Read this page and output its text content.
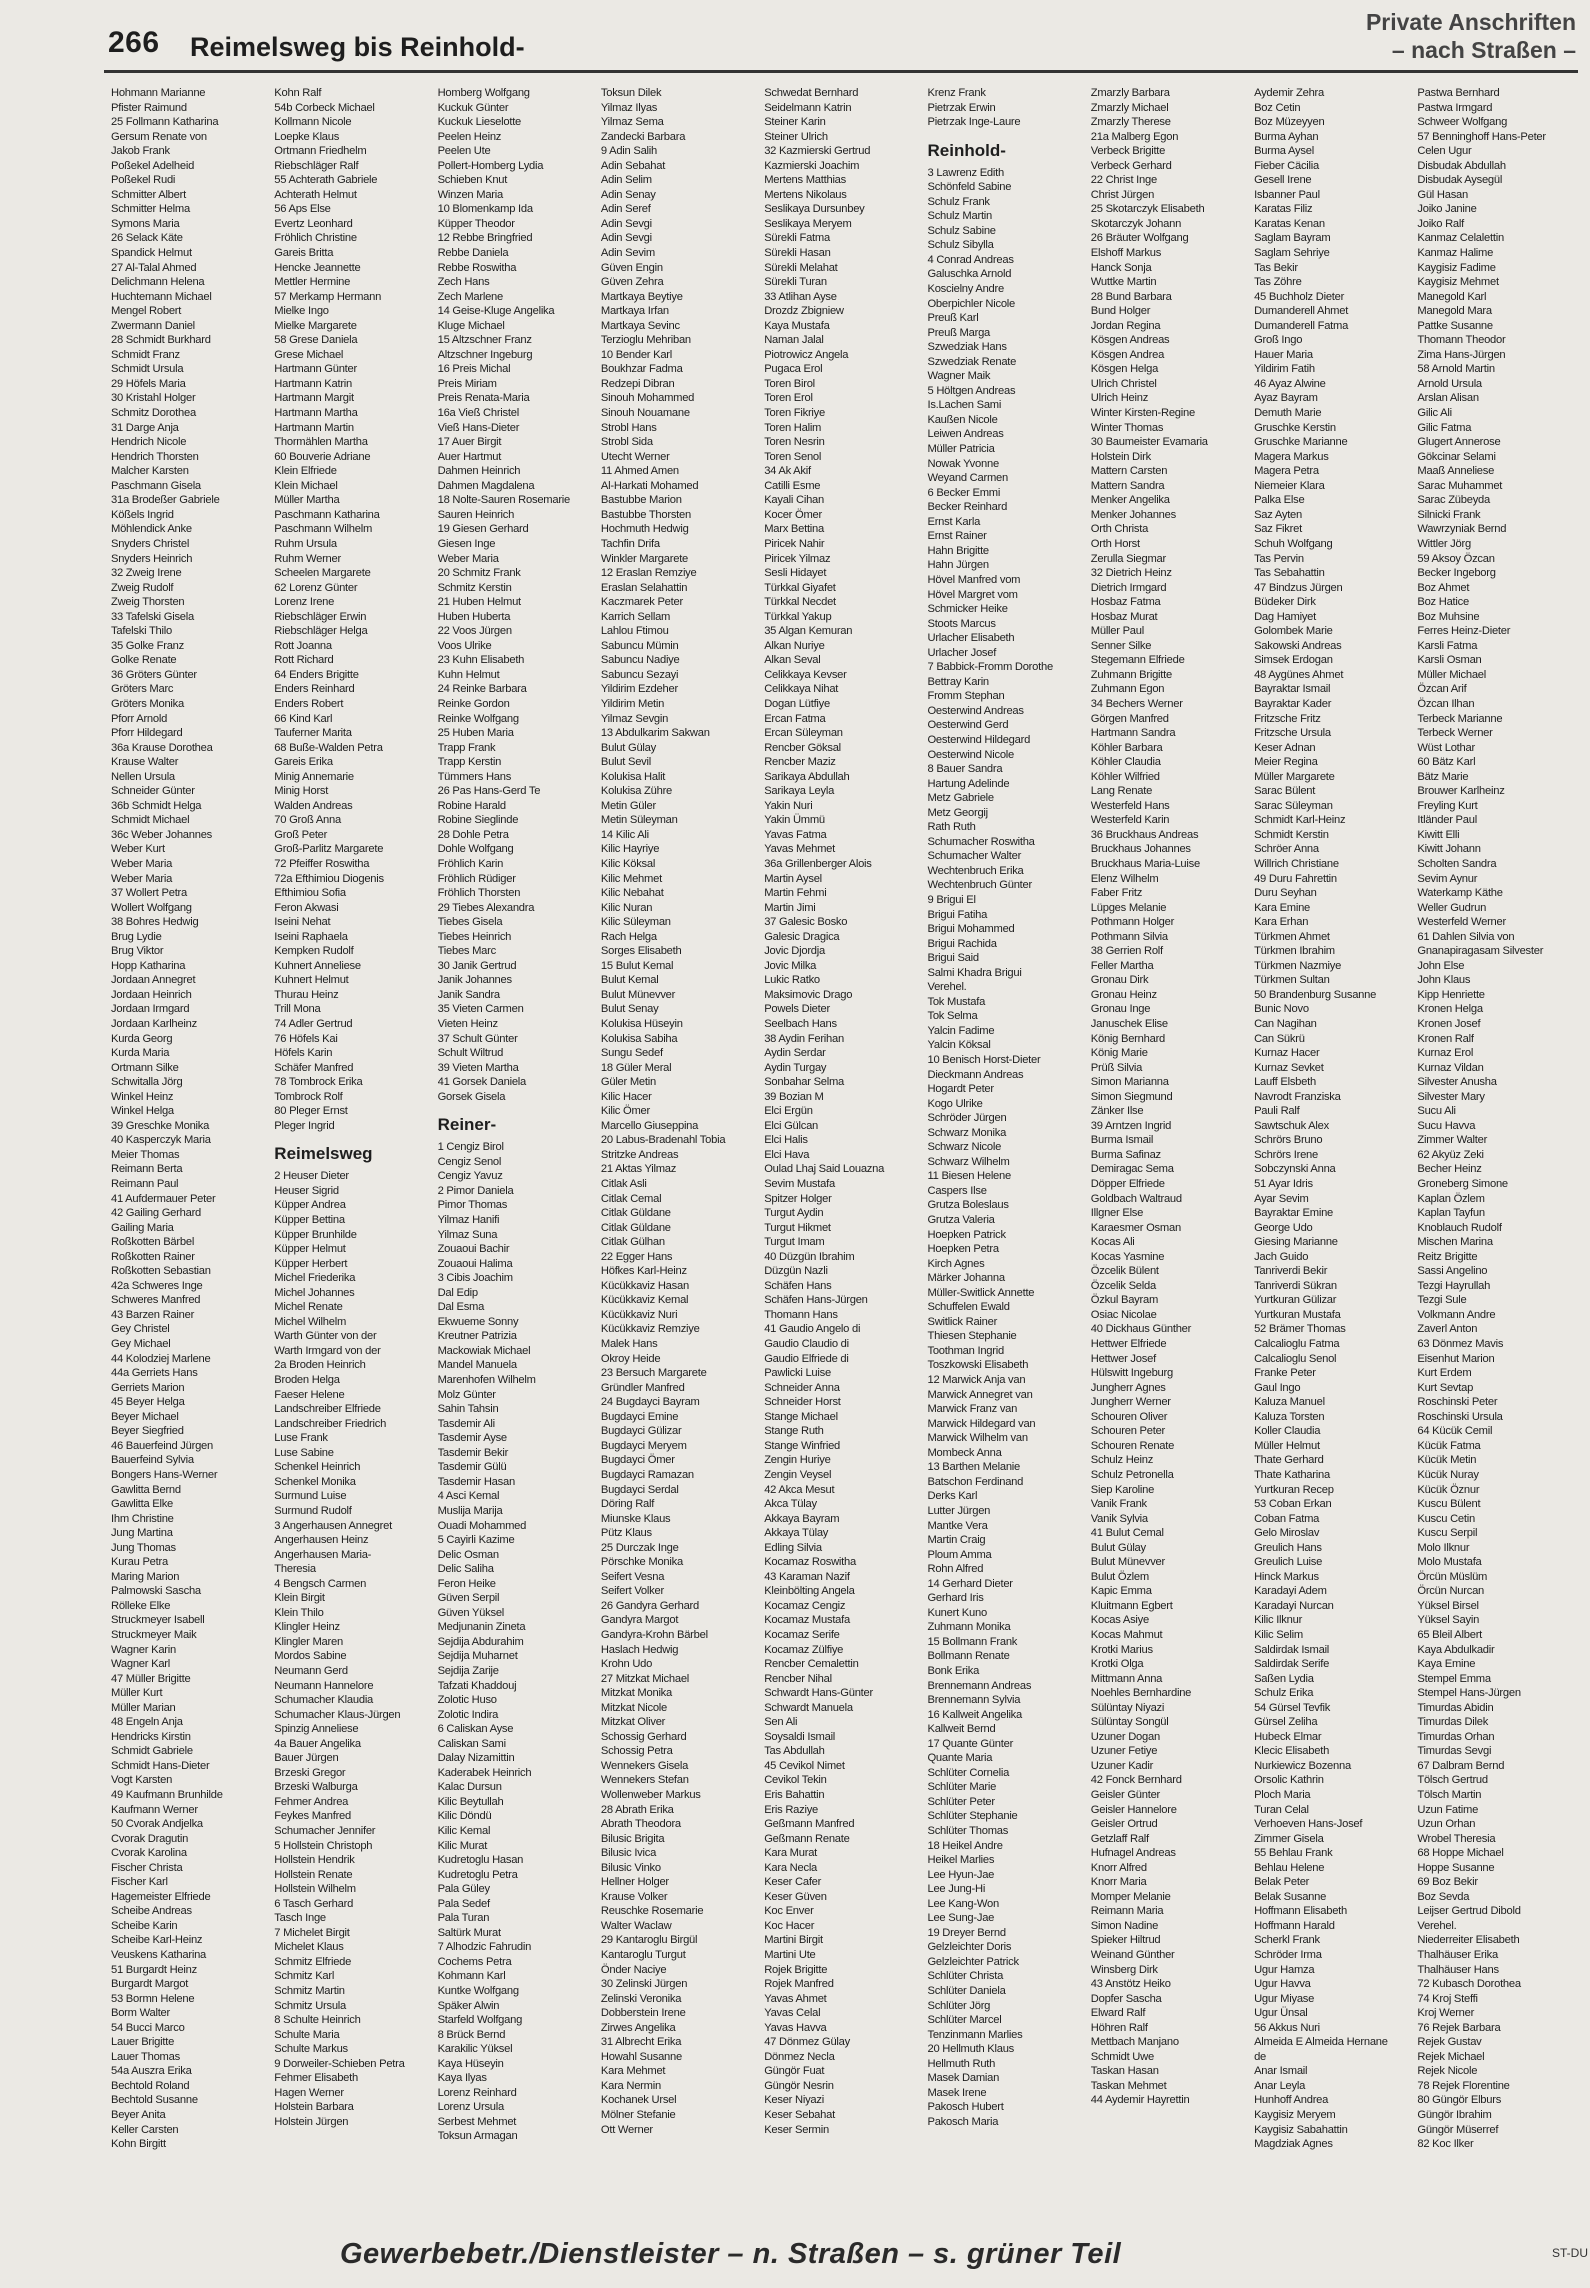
266 Reimelsweg bis Reinhold-
Private Anschriften
– nach Straßen –
Hohmann Marianne
Pfister Raimund
25 Follmann Katharina
Gersum Renate von
Jakob Frank
Poßekel Adelheid
Poßekel Rudi
Schmitter Albert
Schmitter Helma
Symons Maria
26 Selack Käte
Spandick Helmut
27 Al-Talal Ahmed
Delichmann Helena
Huchtemann Michael
Mengel Robert
Zwermann Daniel
28 Schmidt Burkhard
Schmidt Franz
Schmidt Ursula
29 Höfels Maria
30 Kristahl Holger
Schmitz Dorothea
31 Darge Anja
Hendrich Nicole
Hendrich Thorsten
Malcher Karsten
Paschmann Gisela
31a Brodeßer Gabriele
Kößels Ingrid
Möhlendick Anke
Snyders Christel
Snyders Heinrich
32 Zweig Irene
Zweig Rudolf
Zweig Thorsten
33 Tafelski Gisela
Tafelski Thilo
35 Golke Franz
Golke Renate
36 Gröters Günter
Gröters Marc
Gröters Monika
Pforr Arnold
Pforr Hildegard
36a Krause Dorothea
Krause Walter
Nellen Ursula
Schneider Günter
36b Schmidt Helga
Schmidt Michael
36c Weber Johannes
Weber Kurt
Weber Maria
Weber Maria
37 Wollert Petra
Wollert Wolfgang
38 Bohres Hedwig
Brug Lydie
Brug Viktor
Hopp Katharina
Jordaan Annegret
Jordaan Heinrich
Jordaan Irmgard
Jordaan Karlheinz
Kurda Georg
Kurda Maria
Ortmann Silke
Schwitalla Jörg
Winkel Heinz
Winkel Helga
39 Greschke Monika
40 Kasperczyk Maria
Meier Thomas
Reimann Berta
Reimann Paul
41 Aufdermauer Peter
42 Gailing Gerhard
Gailing Maria
Roßkotten Bärbel
Roßkotten Rainer
Roßkotten Sebastian
42a Schweres Inge
Schweres Manfred
43 Barzen Rainer
Gey Christel
Gey Michael
44 Kolodziej Marlene
44a Gerriets Hans
Gerriets Marion
45 Beyer Helga
Beyer Michael
Beyer Siegfried
46 Bauerfeind Jürgen
Bauerfeind Sylvia
Bongers Hans-Werner
Gawlitta Bernd
Gawlitta Elke
Ihm Christine
Jung Martina
Jung Thomas
Kurau Petra
Maring Marion
Palmowski Sascha
Rölleke Elke
Struckmeyer Isabell
Struckmeyer Maik
Wagner Karin
Wagner Karl
47 Müller Brigitte
Müller Kurt
Müller Marian
48 Engeln Anja
Hendricks Kirstin
Schmidt Gabriele
Schmidt Hans-Dieter
Vogt Karsten
49 Kaufmann Brunhilde
Kaufmann Werner
50 Cvorak Andjelka
Cvorak Dragutin
Cvorak Karolina
Fischer Christa
Fischer Karl
Hagemeister Elfriede
Scheibe Andreas
Scheibe Karin
Scheibe Karl-Heinz
Veuskens Katharina
51 Burgardt Heinz
Burgardt Margot
53 Bormn Helene
Borm Walter
54 Bucci Marco
Lauer Brigitte
Lauer Thomas
54a Auszra Erika
Bechtold Roland
Bechtold Susanne
Beyer Anita
Keller Carsten
Kohn Birgitt
Kohn Ralf
54b Corbeck Michael
Kollmann Nicole
Loepke Klaus
Ortmann Friedhelm
Riebschläger Ralf
55 Achterath Gabriele
Achterath Helmut
56 Aps Else
Evertz Leonhard
Fröhlich Christine
Gareis Britta
Hencke Jeannette
Mettler Hermine
57 Merkamp Hermann
Mielke Ingo
Mielke Margarete
58 Grese Daniela
Grese Michael
Hartmann Günter
Hartmann Katrin
Hartmann Margit
Hartmann Martha
Hartmann Martin
Thormählen Martha
60 Bouverie Adriane
Klein Elfriede
Klein Michael
Müller Martha
Paschmann Katharina
Paschmann Wilhelm
Ruhm Ursula
Ruhm Werner
Scheelen Margarete
62 Lorenz Günter
Lorenz Irene
Riebschläger Erwin
Riebschläger Helga
Rott Joanna
Rott Richard
64 Enders Brigitte
Enders Reinhard
Enders Robert
66 Kind Karl
Tauferner Marita
68 Buße-Walden Petra
Gareis Erika
Minig Annemarie
Minig Horst
Walden Andreas
70 Groß Anna
Groß Peter
Groß-Parlitz Margarete
72 Pfeiffer Roswitha
72a Efthimiou Diogenis
Efthimiou Sofia
Feron Akwasi
Iseini Nehat
Iseini Raphaela
Kempken Rudolf
Kuhnert Anneliese
Kuhnert Helmut
Thurau Heinz
Trill Mona
74 Adler Gertrud
76 Höfels Kai
Höfels Karin
Schäfer Manfred
78 Tombrock Erika
Tombrock Rolf
80 Pleger Ernst
Pleger Ingrid
Reimelsweg
2 Heuser Dieter
Heuser Sigrid
Küpper Andrea
Küpper Bettina
Küpper Brunhilde
Küpper Helmut
Küpper Herbert
Michel Friederika
Michel Johannes
Michel Renate
Michel Wilhelm
Warth Günter von der
Warth Irmgard von der
2a Broden Heinrich
Broden Helga
Faeser Helene
Landschreiber Elfriede
Landschreiber Friedrich
Luse Frank
Luse Sabine
Schenkel Heinrich
Schenkel Monika
Surmund Luise
Surmund Rudolf
3 Angerhausen Annegret
Angerhausen Heinz
Angerhausen Maria-
Theresia
4 Bengsch Carmen
Klein Birgit
Klein Thilo
Klingler Heinz
Klingler Maren
Mordos Sabine
Neumann Gerd
Neumann Hannelore
Schumacher Klaudia
Schumacher Klaus-Jürgen
Spinzig Anneliese
4a Bauer Angelika
Bauer Jürgen
Brzeski Gregor
Brzeski Walburga
Fehmer Andrea
Feykes Manfred
Schumacher Jennifer
5 Hollstein Christoph
Hollstein Hendrik
Hollstein Renate
Hollstein Wilhelm
6 Tasch Gerhard
Tasch Inge
7 Michelet Birgit
Michelet Klaus
Schmitz Elfriede
Schmitz Karl
Schmitz Martin
Schmitz Ursula
8 Schulte Heinrich
Schulte Maria
Schulte Markus
9 Dorweiler-Schieben Petra
Fehmer Elisabeth
Hagen Werner
Holstein Barbara
Holstein Jürgen
Homberg Wolfgang
Kuckuk Günter
Kuckuk Lieselotte
Peelen Heinz
Peelen Ute
Pollert-Homberg Lydia
Schieben Knut
Winzen Maria
10 Blomenkamp Ida
Küpper Theodor
12 Rebbe Bringfried
Rebbe Daniela
Rebbe Roswitha
Zech Hans
Zech Marlene
14 Geise-Kluge Angelika
Kluge Michael
15 Altzschner Franz
Altzschner Ingeburg
16 Preis Michal
Preis Miriam
Preis Renata-Maria
16a Vieß Christel
Vieß Hans-Dieter
17 Auer Birgit
Auer Hartmut
Dahmen Heinrich
Dahmen Magdalena
18 Nolte-Sauren Rosemarie
Sauren Heinrich
19 Giesen Gerhard
Giesen Inge
Weber Maria
20 Schmitz Frank
Schmitz Kerstin
21 Huben Helmut
Huben Huberta
22 Voos Jürgen
Voos Ulrike
23 Kuhn Elisabeth
Kuhn Helmut
24 Reinke Barbara
Reinke Gordon
Reinke Wolfgang
25 Huben Maria
Trapp Frank
Trapp Kerstin
Tümmers Hans
26 Pas Hans-Gerd Te
Robine Harald
Robine Sieglinde
28 Dohle Petra
Dohle Wolfgang
Fröhlich Karin
Fröhlich Rüdiger
Fröhlich Thorsten
29 Tiebes Alexandra
Tiebes Gisela
Tiebes Heinrich
Tiebes Marc
30 Janik Gertrud
Janik Johannes
Janik Sandra
35 Vieten Carmen
Vieten Heinz
37 Schult Günter
Schult Wiltrud
39 Vieten Martha
41 Gorsek Daniela
Gorsek Gisela
Reiner-
1 Cengiz Birol
Cengiz Senol
Cengiz Yavuz
2 Pimor Daniela
Pimor Thomas
Yilmaz Hanifi
Yilmaz Suna
Zouaoui Bachir
Zouaoui Halima
3 Cibis Joachim
Dal Edip
Dal Esma
Ekwueme Sonny
Kreutner Patrizia
Mackowiak Michael
Mandel Manuela
Marenhofen Wilhelm
Molz Günter
Sahin Tahsin
Tasdemir Ali
Tasdemir Ayse
Tasdemir Bekir
Tasdemir Gülü
Tasdemir Hasan
4 Asci Kemal
Muslija Marija
Ouadi Mohammed
5 Cayirli Kazime
Delic Osman
Delic Saliha
Feron Heike
Güven Serpil
Güven Yüksel
Medjunanin Zineta
Sejdija Abdurahim
Sejdija Muharnet
Sejdija Zarije
Tafzati Khaddouj
Zolotic Huso
Zolotic Indira
6 Caliskan Ayse
Caliskan Sami
Dalay Nizamittin
Kaderabek Heinrich
Kalac Dursun
Kilic Beytullah
Kilic Döndü
Kilic Kemal
Kilic Murat
Kudretoglu Hasan
Kudretoglu Petra
Pala Güley
Pala Sedef
Pala Turan
Saltürk Murat
7 Alhodzic Fahrudin
Cochems Petra
Kohmann Karl
Kuntke Wolfgang
Späker Alwin
Starfeld Wolfgang
8 Brück Bernd
Karakilic Yüksel
Kaya Hüseyin
Kaya Ilyas
Lorenz Reinhard
Lorenz Ursula
Serbest Mehmet
Toksun Armagan
Toksun Dilek
Yilmaz Ilyas
Yilmaz Sema
Zandecki Barbara
9 Adin Salih
Adin Sebahat
Adin Selim
Adin Senay
Adin Seref
Adin Sevgi
Adin Sevgi
Adin Sevim
Güven Engin
Güven Zehra
Martkaya Beytiye
Martkaya Irfan
Martkaya Sevinc
Terzioglu Mehriban
10 Bender Karl
Boukhzar Fadma
Redzepi Dibran
Sinouh Mohammed
Sinouh Nouamane
Strobl Hans
Strobl Sida
Utecht Werner
11 Ahmed Amen
Al-Harkati Mohamed
Bastubbe Marion
Bastubbe Thorsten
Hochmuth Hedwig
Tachfin Drifa
Winkler Margarete
12 Eraslan Remziye
Eraslan Selahattin
Kaczmarek Peter
Karrich Sellam
Lahlou Ftimou
Sabuncu Mümin
Sabuncu Nadiye
Sabuncu Sezayi
Yildirim Ezdeher
Yildirim Metin
Yilmaz Sevgin
13 Abdulkarim Sakwan
Bulut Gülay
Bulut Sevil
Kolukisa Halit
Kolukisa Zühre
Metin Güler
Metin Süleyman
14 Kilic Ali
Kilic Hayriye
Kilic Köksal
Kilic Mehmet
Kilic Nebahat
Kilic Nuran
Kilic Süleyman
Rach Helga
Sorges Elisabeth
15 Bulut Kemal
Bulut Kemal
Bulut Münevver
Bulut Senay
Kolukisa Hüseyin
Kolukisa Sabiha
Sungu Sedef
18 Güler Meral
Güler Metin
Kilic Hacer
Kilic Ömer
Marcello Giuseppina
20 Labus-Bradenahl Tobia
Stritzke Andreas
21 Aktas Yilmaz
Citlak Asli
Citlak Cemal
Citlak Güldane
Citlak Güldane
Citlak Gülhan
22 Egger Hans
Höfkes Karl-Heinz
Kücükkaviz Hasan
Kücükkaviz Kemal
Kücükkaviz Nuri
Kücükkaviz Remziye
Malek Hans
Okroy Heide
23 Bersuch Margarete
Gründler Manfred
24 Bugdayci Bayram
Bugdayci Emine
Bugdayci Gülizar
Bugdayci Meryem
Bugdayci Ömer
Bugdayci Ramazan
Bugdayci Serdal
Döring Ralf
Miunske Klaus
Pütz Klaus
25 Durczak Inge
Pörschke Monika
Seifert Vesna
Seifert Volker
26 Gandyra Gerhard
Gandyra Margot
Gandyra-Krohn Bärbel
Haslach Hedwig
Krohn Udo
27 Mitzkat Michael
Mitzkat Monika
Mitzkat Nicole
Mitzkat Oliver
Schossig Gerhard
Schossig Petra
Wennekers Gisela
Wennekers Stefan
Wollenweber Markus
28 Abrath Erika
Abrath Theodora
Bilusic Brigita
Bilusic Ivica
Bilusic Vinko
Hellner Holger
Krause Volker
Reuschke Rosemarie
Walter Waclaw
29 Kantaroglu Birgül
Kantaroglu Turgut
Önder Naciye
30 Zelinski Jürgen
Zelinski Veronika
Dobberstein Irene
Zirwes Angelika
31 Albrecht Erika
Howahl Susanne
Kara Mehmet
Kara Nermin
Kochanek Ursel
Mölner Stefanie
Ott Werner
Schwedat Bernhard
Seidelmann Katrin
Steiner Karin
Steiner Ulrich
32 Kazmierski Gertrud
Kazmierski Joachim
Mertens Matthias
Mertens Nikolaus
Seslikaya Dursunbey
Seslikaya Meryem
Sürekli Fatma
Sürekli Hasan
Sürekli Melahat
Sürekli Turan
33 Atlihan Ayse
Drozdz Zbigniew
Kaya Mustafa
Naman Jalal
Piotrowicz Angela
Pugaca Erol
Toren Birol
Toren Erol
Toren Fikriye
Toren Halim
Toren Nesrin
Toren Senol
34 Ak Akif
Catilli Esme
Kayali Cihan
Kocer Ömer
Marx Bettina
Piricek Nahir
Piricek Yilmaz
Sesli Hidayet
Türkkal Giyafet
Türkkal Necdet
Türkkal Yakup
35 Algan Kemuran
Alkan Nuriye
Alkan Seval
Celikkaya Kevser
Celikkaya Nihat
Dogan Lütfiye
Ercan Fatma
Ercan Süleyman
Rencber Göksal
Rencber Maziz
Sarikaya Abdullah
Sarikaya Leyla
Yakin Nuri
Yakin Ümmü
Yavas Fatma
Yavas Mehmet
36a Grillenberger Alois
Martin Aysel
Martin Fehmi
Martin Jimi
37 Galesic Bosko
Galesic Dragica
Jovic Djordja
Jovic Milka
Lukic Ratko
Maksimovic Drago
Powels Dieter
Seelbach Hans
38 Aydin Ferihan
Aydin Serdar
Aydin Turgay
Sonbahar Selma
39 Bozian M
Elci Ergün
Elci Gülcan
Elci Halis
Elci Hava
Oulad Lhaj Said Louazna
Sevim Mustafa
Spitzer Holger
Turgut Aydin
Turgut Hikmet
Turgut Imam
40 Düzgün Ibrahim
Düzgün Nazli
Schäfen Hans
Schäfen Hans-Jürgen
Thomann Hans
41 Gaudio Angelo di
Gaudio Claudio di
Gaudio Elfriede di
Pawlicki Luise
Schneider Anna
Schneider Horst
Stange Michael
Stange Ruth
Stange Winfried
Zengin Huriye
Zengin Veysel
42 Akca Mesut
Akca Tülay
Akkaya Bayram
Akkaya Tülay
Edling Silvia
Kocamaz Roswitha
43 Karaman Nazif
Kleinbölting Angela
Kocamaz Cengiz
Kocamaz Mustafa
Kocamaz Serife
Kocamaz Zülfiye
Rencber Cemalettin
Rencber Nihal
Schwardt Hans-Günter
Schwardt Manuela
Sen Ali
Soysaldi Ismail
Tas Abdullah
45 Cevikol Nimet
Cevikol Tekin
Eris Bahattin
Eris Raziye
Geßmann Manfred
Geßmann Renate
Kara Murat
Kara Necla
Keser Cafer
Keser Güven
Koc Enver
Koc Hacer
Martini Birgit
Martini Ute
Rojek Brigitte
Rojek Manfred
Yavas Ahmet
Yavas Celal
Yavas Havva
47 Dönmez Gülay
Dönmez Necla
Güngör Fuat
Güngör Nesrin
Keser Niyazi
Keser Sebahat
Keser Sermin
Krenz Frank
Pietrzak Erwin
Pietrzak Inge-Laure
Reinhold-
3 Lawrenz Edith
Schönfeld Sabine
Schulz Frank
Schulz Martin
Schulz Sabine
Schulz Sibylla
4 Conrad Andreas
Galuschka Arnold
Koscielny Andre
Oberpichler Nicole
Preuß Karl
Preuß Marga
Szwedziak Hans
Szwedziak Renate
Wagner Maik
5 Höltgen Andreas
Is.Lachen Sami
Kaußen Nicole
Leiwen Andreas
Müller Patricia
Nowak Yvonne
Weyand Carmen
6 Becker Emmi
Becker Reinhard
Ernst Karla
Ernst Rainer
Hahn Brigitte
Hahn Jürgen
Hövel Manfred vom
Hövel Margret vom
Schmicker Heike
Stoots Marcus
Urlacher Elisabeth
Urlacher Josef
7 Babbick-Fromm Dorothe
Bettray Karin
Fromm Stephan
Oesterwind Andreas
Oesterwind Gerd
Oesterwind Hildegard
Oesterwind Nicole
8 Bauer Sandra
Hartung Adelinde
Metz Gabriele
Metz Georgij
Rath Ruth
Schumacher Roswitha
Schumacher Walter
Wechtenbruch Erika
Wechtenbruch Günter
9 Brigui El
Brigui Fatiha
Brigui Mohammed
Brigui Rachida
Brigui Said
Salmi Khadra Brigui
Verehel.
Tok Mustafa
Tok Selma
Yalcin Fadime
Yalcin Köksal
10 Benisch Horst-Dieter
Dieckmann Andreas
Hogardt Peter
Kogo Ulrike
Schröder Jürgen
Schwarz Monika
Schwarz Nicole
Schwarz Wilhelm
11 Biesen Helene
Caspers Ilse
Grutza Boleslaus
Grutza Valeria
Hoepken Patrick
Hoepken Petra
Kirch Agnes
Märker Johanna
Müller-Switlick Annette
Schuffelen Ewald
Switlick Rainer
Thiesen Stephanie
Toothman Ingrid
Toszkowski Elisabeth
12 Marwick Anja van
Marwick Annegret van
Marwick Franz van
Marwick Hildegard van
Marwick Wilhelm van
Mombeck Anna
13 Barthen Melanie
Batschon Ferdinand
Derks Karl
Lutter Jürgen
Mantke Vera
Martin Craig
Ploum Amma
Rohn Alfred
14 Gerhard Dieter
Gerhard Iris
Kunert Kuno
Zuhmann Monika
15 Bollmann Frank
Bollmann Renate
Bonk Erika
Brennemann Andreas
Brennemann Sylvia
16 Kallweit Angelika
Kallweit Bernd
17 Quante Günter
Quante Maria
Schlüter Cornelia
Schlüter Marie
Schlüter Peter
Schlüter Stephanie
Schlüter Thomas
18 Heikel Andre
Heikel Marlies
Lee Hyun-Jae
Lee Jung-Hi
Lee Kang-Won
Lee Sung-Jae
19 Dreyer Bernd
Gelzleichter Doris
Gelzleichter Patrick
Schlüter Christa
Schlüter Daniela
Schlüter Jörg
Schlüter Marcel
Tenzinmann Marlies
20 Hellmuth Klaus
Hellmuth Ruth
Masek Damian
Masek Irene
Pakosch Hubert
Pakosch Maria
Zmarzly Barbara
Zmarzly Michael
Zmarzly Therese
21a Malberg Egon
Verbeck Brigitte
Verbeck Gerhard
22 Christ Inge
Christ Jürgen
25 Skotarczyk Elisabeth
Skotarczyk Johann
26 Bräuter Wolfgang
Elshoff Markus
Hanck Sonja
Wuttke Martin
28 Bund Barbara
Bund Holger
Jordan Regina
Kösgen Andreas
Kösgen Andrea
Kösgen Helga
Ulrich Christel
Ulrich Heinz
Winter Kirsten-Regine
Winter Thomas
30 Baumeister Evamaria
Holstein Dirk
Mattern Carsten
Mattern Sandra
Menker Angelika
Menker Johannes
Orth Christa
Orth Horst
Zerulla Siegmar
32 Dietrich Heinz
Dietrich Irmgard
Hosbaz Fatma
Hosbaz Murat
Müller Paul
Senner Silke
Stegemann Elfriede
Zuhmann Brigitte
Zuhmann Egon
34 Bechers Werner
Görgen Manfred
Hartmann Sandra
Köhler Barbara
Köhler Claudia
Köhler Wilfried
Lang Renate
Westerfeld Hans
Westerfeld Karin
36 Bruckhaus Andreas
Bruckhaus Johannes
Bruckhaus Maria-Luise
Elenz Wilhelm
Faber Fritz
Lüpges Melanie
Pothmann Holger
Pothmann Silvia
38 Gerrien Rolf
Feller Martha
Gronau Dirk
Gronau Heinz
Gronau Inge
Januschek Elise
König Bernhard
König Marie
Prüß Silvia
Simon Marianna
Simon Siegmund
Zänker Ilse
39 Arntzen Ingrid
Burma Ismail
Burma Safinaz
Demiragac Sema
Döpper Elfriede
Goldbach Waltraud
Illgner Else
Karaesmer Osman
Kocas Ali
Kocas Yasmine
Özcelik Bülent
Özcelik Selda
Özkul Bayram
Osiac Nicolae
40 Dickhaus Günther
Hettwer Elfriede
Hettwer Josef
Hülswitt Ingeburg
Jungherr Agnes
Jungherr Werner
Schouren Oliver
Schouren Peter
Schouren Renate
Schulz Heinz
Schulz Petronella
Siep Karoline
Vanik Frank
Vanik Sylvia
41 Bulut Cemal
Bulut Gülay
Bulut Münevver
Bulut Özlem
Kapic Emma
Kluitmann Egbert
Kocas Asiye
Kocas Mahmut
Krotki Marius
Krotki Olga
Mittmann Anna
Noehles Bernhardine
Sülüntay Niyazi
Sülüntay Songül
Uzuner Dogan
Uzuner Fetiye
Uzuner Kadir
42 Fonck Bernhard
Geisler Günter
Geisler Hannelore
Geisler Ortrud
Getzlaff Ralf
Hufnagel Andreas
Knorr Alfred
Knorr Maria
Momper Melanie
Reimann Maria
Simon Nadine
Spieker Hiltrud
Weinand Günther
Winsberg Dirk
43 Anstötz Heiko
Dopfer Sascha
Elward Ralf
Höhren Ralf
Mettbach Manjano
Schmidt Uwe
Taskan Hasan
Taskan Mehmet
44 Aydemir Hayrettin
Aydemir Zehra
Boz Cetin
Boz Müzeyyen
Burma Ayhan
Burma Aysel
Fieber Cäcilia
Gesell Irene
Isbanner Paul
Karatas Filiz
Karatas Kenan
Saglam Bayram
Saglam Sehriye
Tas Bekir
Tas Zöhre
45 Buchholz Dieter
Dumanderell Ahmet
Dumanderell Fatma
Groß Ingo
Hauer Maria
Yildirim Fatih
46 Ayaz Alwine
Ayaz Bayram
Demuth Marie
Gruschke Kerstin
Gruschke Marianne
Magera Markus
Magera Petra
Niemeier Klara
Palka Else
Saz Ayten
Saz Fikret
Schuh Wolfgang
Tas Pervin
Tas Sebahattin
47 Bindzus Jürgen
Büdeker Dirk
Dag Hamiyet
Golombek Marie
Sakowski Andreas
Simsek Erdogan
48 Aygünes Ahmet
Bayraktar Ismail
Bayraktar Kader
Fritzsche Fritz
Fritzsche Ursula
Keser Adnan
Meier Regina
Müller Margarete
Sarac Bülent
Sarac Süleyman
Schmidt Karl-Heinz
Schmidt Kerstin
Schröer Anna
Willrich Christiane
49 Duru Fahrettin
Duru Seyhan
Kara Emine
Kara Erhan
Türkmen Ahmet
Türkmen Ibrahim
Türkmen Nazmiye
Türkmen Sultan
50 Brandenburg Susanne
Bunic Novo
Can Nagihan
Can Sükrü
Kurnaz Hacer
Kurnaz Sevket
Lauff Elsbeth
Navrodt Franziska
Pauli Ralf
Sawtschuk Alex
Schrörs Bruno
Schrörs Irene
Sobczynski Anna
51 Ayar Idris
Ayar Sevim
Bayraktar Emine
George Udo
Giesing Marianne
Jach Guido
Tanriverdi Bekir
Tanriverdi Sükran
Yurtkuran Gülizar
Yurtkuran Mustafa
52 Brämer Thomas
Calcalioglu Fatma
Calcalioglu Senol
Franke Peter
Gaul Ingo
Kaluza Manuel
Kaluza Torsten
Koller Claudia
Müller Helmut
Thate Gerhard
Thate Katharina
Yurtkuran Recep
53 Coban Erkan
Coban Fatma
Gelo Miroslav
Greulich Hans
Greulich Luise
Hinck Markus
Karadayi Adem
Karadayi Nurcan
Kilic Ilknur
Kilic Selim
Saldirdak Ismail
Saldirdak Serife
Saßen Lydia
Schulz Erika
54 Gürsel Tevfik
Gürsel Zeliha
Hubeck Elmar
Klecic Elisabeth
Nurkiewicz Bozenna
Orsolic Kathrin
Ploch Maria
Turan Celal
Verhoeven Hans-Josef
Zimmer Gisela
55 Behlau Frank
Behlau Helene
Belak Peter
Belak Susanne
Hoffmann Elisabeth
Hoffmann Harald
Scherkl Frank
Schröder Irma
Ugur Hamza
Ugur Havva
Ugur Miyase
Ugur Ünsal
56 Akkus Nuri
Almeida E Almeida Hernane
de
Anar Ismail
Anar Leyla
Hunhoff Andrea
Kaygisiz Meryem
Kaygisiz Sabahattin
Magdziak Agnes
Pastwa Bernhard
Pastwa Irmgard
Schweer Wolfgang
57 Benninghoff Hans-Peter
Celen Ugur
Disbudak Abdullah
Disbudak Aysegül
Gül Hasan
Joiko Janine
Joiko Ralf
Kanmaz Celalettin
Kanmaz Halime
Kaygisiz Fadime
Kaygisiz Mehmet
Manegold Karl
Manegold Mara
Pattke Susanne
Thomann Theodor
Zima Hans-Jürgen
58 Arnold Martin
Arnold Ursula
Arslan Alisan
Gilic Ali
Gilic Fatma
Glugert Annerose
Gökcinar Selami
Maaß Anneliese
Sarac Muhammet
Sarac Zübeyda
Silnicki Frank
Wawrzyniak Bernd
Wittler Jörg
59 Aksoy Özcan
Becker Ingeborg
Boz Ahmet
Boz Hatice
Boz Muhsine
Ferres Heinz-Dieter
Karsli Fatma
Karsli Osman
Müller Michael
Özcan Arif
Özcan Ilhan
Terbeck Marianne
Terbeck Werner
Wüst Lothar
60 Bätz Karl
Bätz Marie
Brouwer Karlheinz
Freyling Kurt
Itländer Paul
Kiwitt Elli
Kiwitt Johann
Scholten Sandra
Sevim Aynur
Waterkamp Käthe
Weller Gudrun
Westerfeld Werner
61 Dahlen Silvia von
Gnanapiragasam Silvester
John Else
John Klaus
Kipp Henriette
Kronen Helga
Kronen Josef
Kronen Ralf
Kurnaz Erol
Kurnaz Vildan
Silvester Anusha
Silvester Mary
Sucu Ali
Sucu Havva
Zimmer Walter
62 Akyüz Zeki
Becher Heinz
Groneberg Simone
Kaplan Özlem
Kaplan Tayfun
Knoblauch Rudolf
Mischen Marina
Reitz Brigitte
Sassi Angelino
Tezgi Hayrullah
Tezgi Sule
Volkmann Andre
Zaverl Anton
63 Dönmez Mavis
Eisenhut Marion
Kurt Erdem
Kurt Sevtap
Roschinski Peter
Roschinski Ursula
64 Kücük Cemil
Kücük Fatma
Kücük Metin
Kücük Nuray
Kücük Öznur
Kuscu Bülent
Kuscu Cetin
Kuscu Serpil
Molo Ilknur
Molo Mustafa
Örcün Müslüm
Örcün Nurcan
Yüksel Birsel
Yüksel Sayin
65 Bleil Albert
Kaya Abdulkadir
Kaya Emine
Stempel Emma
Stempel Hans-Jürgen
Timurdas Abidin
Timurdas Dilek
Timurdas Orhan
Timurdas Sevgi
67 Dalbram Bernd
Tölsch Gertrud
Tölsch Martin
Uzun Fatime
Uzun Orhan
Wrobel Theresia
68 Hoppe Michael
Hoppe Susanne
69 Boz Bekir
Boz Sevda
Leijser Gertrud Dibold
Verehel.
Niederreiter Elisabeth
Thalhäuser Erika
Thalhäuser Hans
72 Kubasch Dorothea
74 Kroj Steffi
Kroj Werner
76 Rejek Barbara
Rejek Gustav
Rejek Michael
Rejek Nicole
78 Rejek Florentine
80 Güngör Elburs
Güngör Ibrahim
Güngör Müserref
82 Koc Ilker
Gewerbebetr./Dienstleister – n. Straßen – s. grüner Teil	ST-DU
